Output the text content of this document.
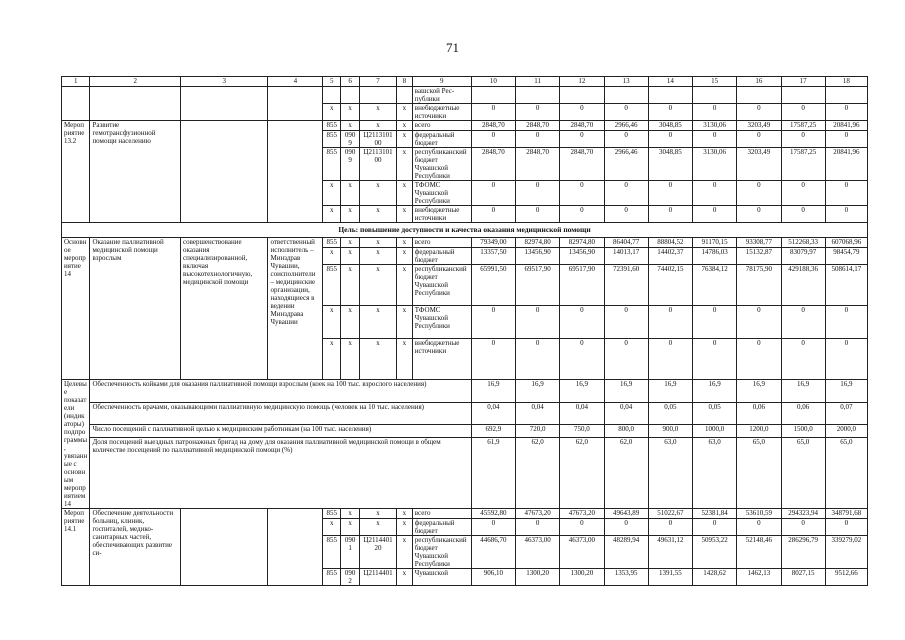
71
1	2	3	4	5	6	7	8	9	10	11	12	13	14	15	16	17	18
								вашской Рес-публики									
				x	x	x	x	внебюджетные источники	0	0	0	0	0	0	0	0	0
Мероприятие 13.2	Развитие гемотрансфузионной помощи населению			855	x	x	x	всего	2848,70	2848,70	2848,70	2966,46	3048,85	3130,06	3203,49	17587,25	20841,96
				855	0909	Ц2113101 00	x	федеральный бюджет	0	0	0	0	0	0	0	0	0
				855	0909	Ц2113101 00	x	республиканский бюджет Чувашской Республики	2848,70	2848,70	2848,70	2966,46	3048,85	3130,06	3203,49	17587,25	20841,96
				x	x	x	x	ТФОМС Чувашской Республики	0	0	0	0	0	0	0	0	0
				x	x	x	x	внебюджетные источники	0	0	0	0	0	0	0	0	0
Цель: повышение доступности и качества оказания медицинской помощи																	
Основное мероприятие 14	Оказание паллиативной медицинской помощи взрослым	совершенствование оказания специализированной, включая высокотехнологичную, медицинской помощи	ответственный исполнитель – Минздрав Чувашии, соисполнители – медицинские организации, находящиеся в ведении Минздрава Чувашии	855	x	x	x	всего	79349,00	82974,80	82974,80	86404,77	88804,52	91170,15	93308,77	512268,33	607068,96
				x	x	x	x	федеральный бюджет	13357,50	13456,90	13456,90	14013,17	14402,37	14786,03	15132,87	83079,97	98454,79
				855	x	x	x	республиканский бюджет Чувашской Республики	65991,50	69517,90	69517,90	72391,60	74402,15	76384,12	78175,90	429188,36	508614,17
				x	x	x	x	ТФОМС Чувашской Республики	0	0	0	0	0	0	0	0	0
				x	x	x	x	внебюджетные источники	0	0	0	0	0	0	0	0	0
Целевые показатели (индикаторы) подпрограммы, увязанные с основным мероприятием 14	Обеспеченность койками для оказания паллиативной помощи взрослым (коек на 100 тыс. взрослого населения)								16,9	16,9	16,9	16,9	16,9	16,9	16,9	16,9	16,9
	Обеспеченность врачами, оказывающими паллиативную медицинскую помощь (человек на 10 тыс. населения)								0,04	0,04	0,04	0,04	0,05	0,05	0,06	0,06	0,07
	Число посещений с паллиативной целью к медицинским работникам (на 100 тыс. населения)								692,9	720,0	750,0	800,0	900,0	1000,0	1200,0	1500,0	2000,0
	Доля посещений выездных патронажных бригад на дому для оказания паллиативной медицинской помощи в общем количестве посещений по паллиативной медицинской помощи (%)								61,9	62,0	62,0	62,0	63,0	63,0	65,0	65,0	65,0
Мероприятие 14.1	Обеспечение деятельности больниц, клиник, госпиталей, медико-санитарных частей, обеспечивающих развитие си-			855	x	x	x	всего	45592,80	47673,20	47673,20	49643,89	51022,67	52381,84	53610,59	294323,94	348791,68
				x	x	x	x	федеральный бюджет	0	0	0	0	0	0	0	0	0
				855	0901	Ц2114401 20	x	республиканский бюджет Чувашской Республики	44686,70	46373,00	46373,00	48289,94	49631,12	50953,22	52148,46	286296,79	339279,02
				855	0902	Ц2114401	x	Чувашской	906,10	1300,20	1300,20	1353,95	1391,55	1428,62	1462,13	8027,15	9512,66
